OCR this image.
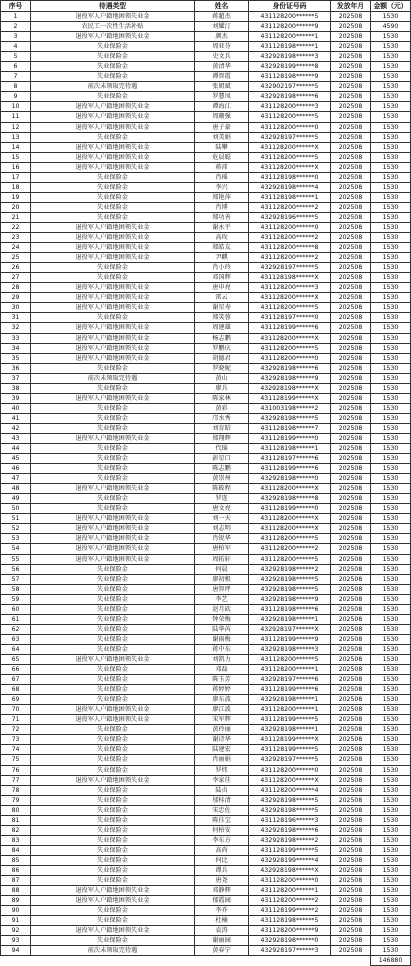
序号	待遇类型	姓名	身份证号码	发放年月	金额（元）
1	退役军人户籍地困领失业金	蒋超杰	431128200******5	202508	1530
2	农民工一次性生活补贴	刘耀汀	431128200******9	202508	4590
3	退役军人户籍地困领失业金	颜杰	431128200******1	202508	1530
4	失业保险金	周亚芬	431128198******1	202508	1530
5	失业保险金	史文兵	432928198******3	202508	1530
6	失业保险金	黄清华	432928199******8	202508	1530
7	失业保险金	谭智霞	431128198******9	202508	1530
8	前次未领取完待遇	张姐斌	432902197******5	202508	1530
9	失业保险金	罗慧凤	432928198******6	202508	1530
10	退役军人户籍地困领失业金	谭海江	431128200******3	202508	1530
11	退役军人户籍地困领失业金	周珊强	431128200******5	202508	1530
12	退役军人户籍地困领失业金	唐子豪	431128200******0	202508	1530
13	失业保险金	刘美娟	432928197******5	202508	1530
14	退役军人户籍地困领失业金	陆攀	431128200******X	202508	1530
15	退役军人户籍地困领失业金	危晨聪	431128200******5	202508	1530
16	退役军人户籍地困领失业金	蒋沛	431128200******X	202508	1530
17	失业保险金	肖瑶	431128198******0	202508	1530
18	失业保险金	李兴	432928198******4	202508	1530
19	失业保险金	郑艳萍	431128198******1	202508	1530
20	失业保险金	肖博	431128200******2	202508	1530
21	失业保险金	郑功善	432928196******5	202508	1530
22	退役军人户籍地困领失业金	谢永平	431128200******0	202508	1530
23	退役军人户籍地困领失业金	高玫	431128200******2	202508	1530
24	退役军人户籍地困领失业金	郑皓友	431128200******8	202508	1530
25	退役军人户籍地困领失业金	尹麒	431128200******2	202508	1530
26	失业保险金	肖小玲	432928197******5	202508	1530
27	失业保险金	邓国辉	431128198******X	202508	1530
28	退役军人户籍地困领失业金	唐申亮	431128200******3	202508	1530
29	退役军人户籍地困领失业金	雷云	431128200******X	202508	1530
30	退役军人户籍地困领失业金	谢星寿	431128200******5	202508	1530
31	失业保险金	郑笑蓉	431128197******0	202508	1530
32	退役军人户籍地困领失业金	周建雄	431128199******6	202508	1530
33	退役军人户籍地困领失业金	杨志鹏	431128200******X	202508	1530
34	退役军人户籍地困领失业金	罗鹏庆	431128200******5	202508	1530
35	退役军人户籍地困领失业金	胡德君	431128200******0	202508	1530
36	失业保险金	罗晓妮	432928198******6	202508	1530
37	前次未领取完待遇	黄山	432928198******9	202508	1530
38	失业保险金	廖兵	432928198******X	202508	1530
39	退役军人户籍地困领失业金	陈家林	431128199******X	202508	1530
40	失业保险金	黄彩	431003198******2	202508	1530
41	失业保险金	邝水秀	432928198******5	202508	1530
42	失业保险金	刘育昭	431128198******7	202508	1530
43	退役军人户籍地困领失业金	郑翔辉	431128199******0	202508	1530
44	失业保险金	代锦	431128198******1	202508	1530
45	失业保险金	彭星口	431128197******6	202508	1530
46	失业保险金	陈志鹏	431128199******6	202508	1530
47	失业保险金	黄崇州	432928198******0	202508	1530
48	退役军人户籍地困领失业金	陈筱程	431128200******X	202508	1530
49	失业保险金	罗连	432928198******8	202508	1530
50	失业保险金	唐文亮	431128199******0	202508	1530
51	退役军人户籍地困领失业金	刘一天	431128200******X	202508	1530
52	退役军人户籍地困领失业金	刘志明	431128200******X	202508	1530
53	退役军人户籍地困领失业金	肖锐华	431128200******5	202508	1530
54	退役军人户籍地困领失业金	唐柏军	431128200******2	202508	1530
55	退役军人户籍地困领失业金	周拓轩	431128200******5	202508	1530
56	失业保险金	何晨	432928198******2	202508	1530
57	失业保险金	廖初根	432928198******5	202508	1530
58	失业保险金	唐智坪	432928198******5	202508	1530
59	失业保险金	李艺	432928198******9	202508	1530
60	失业保险金	赵月砍	431128198******6	202508	1530
61	失业保险金	钟荣梅	432928198******1	202508	1530
62	失业保险金	陆华芮	432928197******X	202508	1530
63	失业保险金	谢雨梅	431128199******9	202508	1530
64	失业保险金	蒋中东	432928198******3	202508	1530
65	退役军人户籍地困领失业金	刘凯力	431128200******5	202508	1530
66	失业保险金	邓磊	431128200******1	202508	1530
67	失业保险金	陈玉芳	432928197******6	202508	1530
68	失业保险金	蒋婷婷	431128199******6	202508	1530
69	失业保险金	廖东波	432928198******1	202508	1530
70	退役军人户籍地困领失业金	廖江波	431128200******1	202508	1530
71	退役军人户籍地困领失业金	宋军辉	431128199******5	202508	1530
72	失业保险金	黄玲丽	432928198******1	202508	1530
73	失业保险金	谢诗华	431128199******X	202508	1530
74	失业保险金	陆建宏	431128199******5	202508	1530
75	失业保险金	肖丽娟	432928197******5	202508	1530
76	失业保险金	罗炜	431128200******0	202508	1530
77	退役军人户籍地困领失业金	李家佳	431128200******X	202508	1530
78	失业保险金	陆贞	431128200******4	202508	1530
79	失业保险金	邬桂清	432928198******5	202508	1530
80	失业保险金	宋忠佐	432928198******5	202508	1530
81	失业保险金	陈佳宝	431128196******3	202508	1530
82	失业保险金	何柏安	432928198******6	202508	1530
83	失业保险金	李东方	432928198******2	202508	1530
84	失业保险金	高尚	431128199******5	202508	1530
85	失业保险金	何比	432928199******4	202508	1530
86	失业保险金	谭兵	432928198******X	202508	1530
87	失业保险金	唐尧	431128200******0	202508	1530
88	退役军人户籍地困领失业金	邓静辉	431128200******1	202508	1530
89	退役军人户籍地困领失业金	郁霞园	431128200******2	202508	1530
90	失业保险金	李乔	431128199******2	202508	1530
91	失业保险金	杜楠	431128198******5	202508	1530
92	退役军人户籍地困领失业金	袁涛	431128200******9	202508	1530
93	失业保险金	谢丽园	432928198******0	202508	1530
94	前次未领取完待遇	黄春宁	432928197******3	202508	1530
					146880
